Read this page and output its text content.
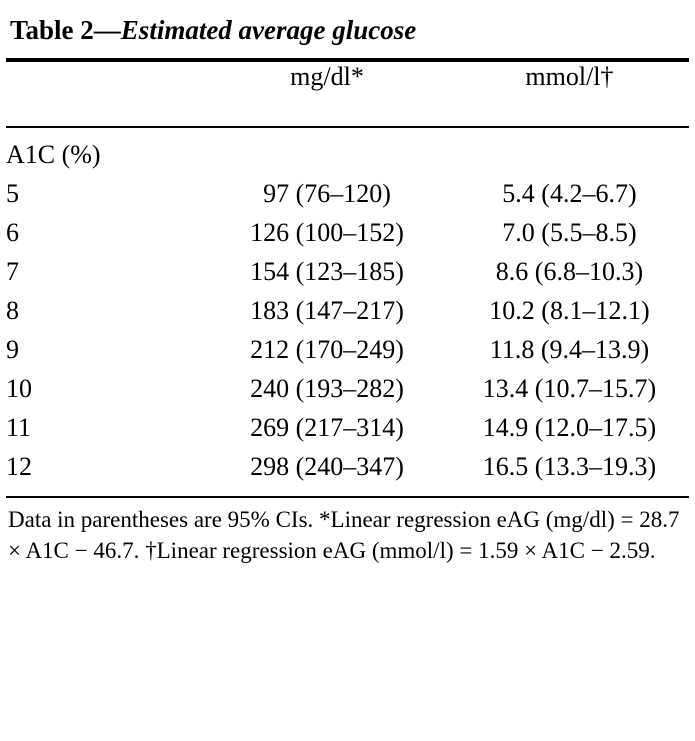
Table 2—Estimated average glucose
	mg/dl*	mmol/l†

A1C (%)		
5	97 (76–120)	5.4 (4.2–6.7)
6	126 (100–152)	7.0 (5.5–8.5)
7	154 (123–185)	8.6 (6.8–10.3)
8	183 (147–217)	10.2 (8.1–12.1)
9	212 (170–249)	11.8 (9.4–13.9)
10	240 (193–282)	13.4 (10.7–15.7)
11	269 (217–314)	14.9 (12.0–17.5)
12	298 (240–347)	16.5 (13.3–19.3)

Data in parentheses are 95% CIs. *Linear regression eAG (mg/dl) = 28.7 × A1C − 46.7. †Linear regression eAG (mmol/l) = 1.59 × A1C − 2.59.
